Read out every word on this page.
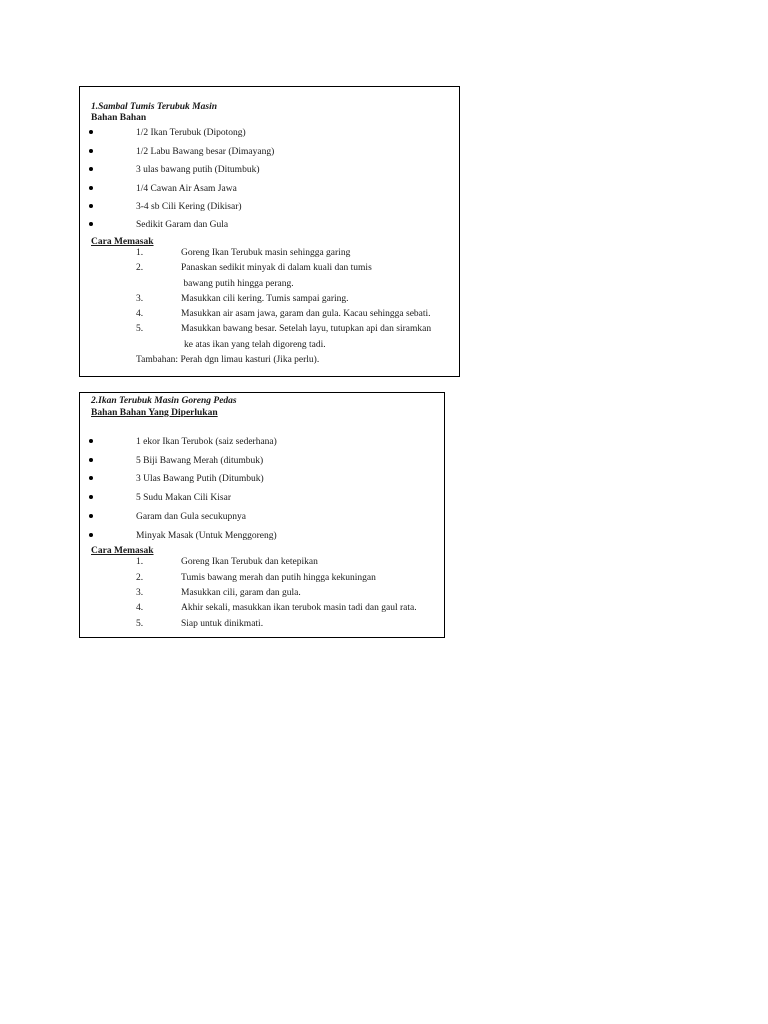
1.Sambal Tumis Terubuk Masin
Bahan Bahan
1/2 Ikan Terubuk (Dipotong)
1/2 Labu Bawang besar (Dimayang)
3 ulas bawang putih (Ditumbuk)
1/4 Cawan Air Asam Jawa
3-4 sb Cili Kering (Dikisar)
Sedikit Garam dan Gula
Cara Memasak
1.	Goreng Ikan Terubuk masin sehingga garing
2.	Panaskan sedikit minyak di dalam kuali dan tumis
bawang putih hingga perang.
3.	Masukkan cili kering. Tumis sampai garing.
4.	Masukkan air asam jawa, garam dan gula. Kacau sehingga sebati.
5.	Masukkan bawang besar. Setelah layu, tutupkan api dan siramkan
ke atas ikan yang telah digoreng tadi.
Tambahan: Perah dgn limau kasturi (Jika perlu).
2.Ikan Terubuk Masin Goreng Pedas
Bahan Bahan Yang Diperlukan
1 ekor Ikan Terubok (saiz sederhana)
5 Biji Bawang Merah (ditumbuk)
3 Ulas Bawang Putih (Ditumbuk)
5 Sudu Makan Cili Kisar
Garam dan Gula secukupnya
Minyak Masak (Untuk Menggoreng)
Cara Memasak
1.	Goreng Ikan Terubuk dan ketepikan
2.	Tumis bawang merah dan putih hingga kekuningan
3.	Masukkan cili, garam dan gula.
4.	Akhir sekali, masukkan ikan terubok masin tadi dan gaul rata.
5.	Siap untuk dinikmati.
